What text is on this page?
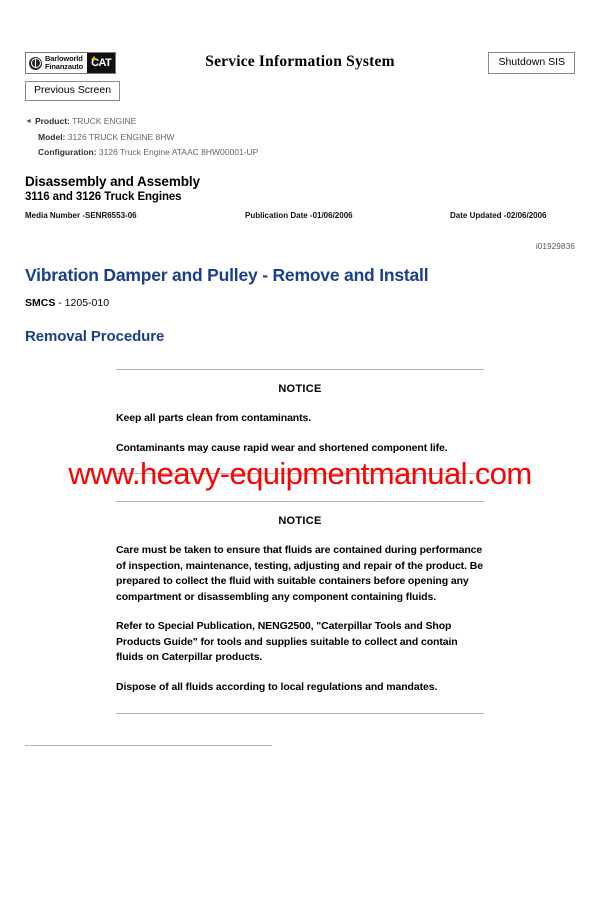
Barloworld
Finanzauto CAT	Service Information System
Previous Screen
Shutdown SIS
◄ Product: TRUCK ENGINE
Model: 3126 TRUCK ENGINE 8HW
Configuration: 3126 Truck Engine ATAAC 8HW00001-UP
Disassembly and Assembly
3116 and 3126 Truck Engines
Media Number -SENR6553-06	Publication Date -01/06/2006	Date Updated -02/06/2006
i01929836
Vibration Damper and Pulley - Remove and Install
SMCS - 1205-010
Removal Procedure
NOTICE

Keep all parts clean from contaminants.

Contaminants may cause rapid wear and shortened component life.

NOTICE

Care must be taken to ensure that fluids are contained during performance of inspection, maintenance, testing, adjusting and repair of the product. Be prepared to collect the fluid with suitable containers before opening any compartment or disassembling any component containing fluids.

Refer to Special Publication, NENG2500, "Caterpillar Tools and Shop Products Guide" for tools and supplies suitable to collect and contain fluids on Caterpillar products.

Dispose of all fluids according to local regulations and mandates.

www.heavy-equipmentmanual.com
